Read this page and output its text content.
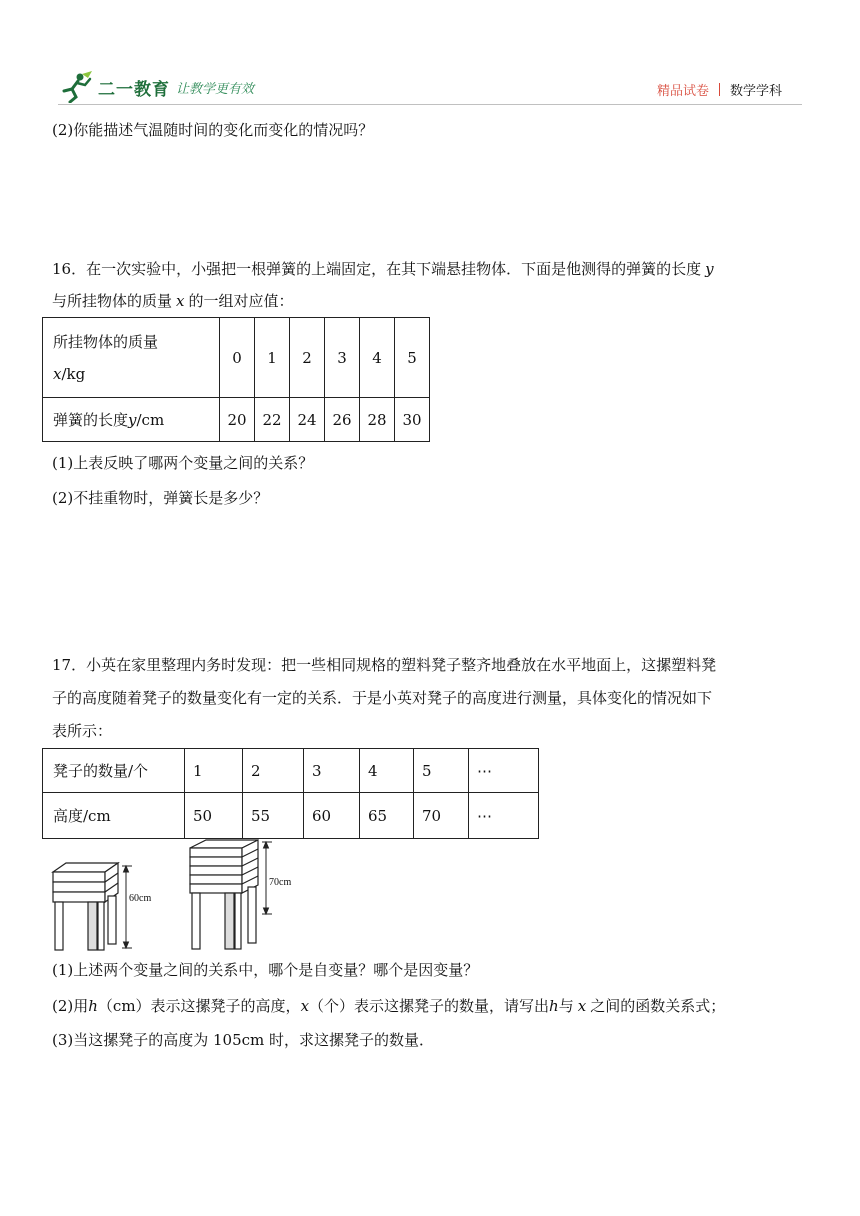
二一教育 让教学更有效	精品试卷 数学学科
(2)你能描述气温随时间的变化而变化的情况吗？
16．在一次实验中，小强把一根弹簧的上端固定，在其下端悬挂物体．下面是他测得的弹簧的长度 y
与所挂物体的质量 x 的一组对应值：
所挂物体的质量
x/kg	0	1	2	3	4	5
弹簧的长度y/cm	20	22	24	26	28	30
(1)上表反映了哪两个变量之间的关系？
(2)不挂重物时，弹簧长是多少？
17．小英在家里整理内务时发现：把一些相同规格的塑料凳子整齐地叠放在水平地面上，这摞塑料凳
子的高度随着凳子的数量变化有一定的关系．于是小英对凳子的高度进行测量，具体变化的情况如下
表所示：
凳子的数量/个	1	2	3	4	5	⋯
高度/cm	50	55	60	65	70	⋯
60cm
70cm
(1)上述两个变量之间的关系中，哪个是自变量？哪个是因变量？
(2)用h（cm）表示这摞凳子的高度，x（个）表示这摞凳子的数量，请写出h与 x 之间的函数关系式；
(3)当这摞凳子的高度为 105cm 时，求这摞凳子的数量．
